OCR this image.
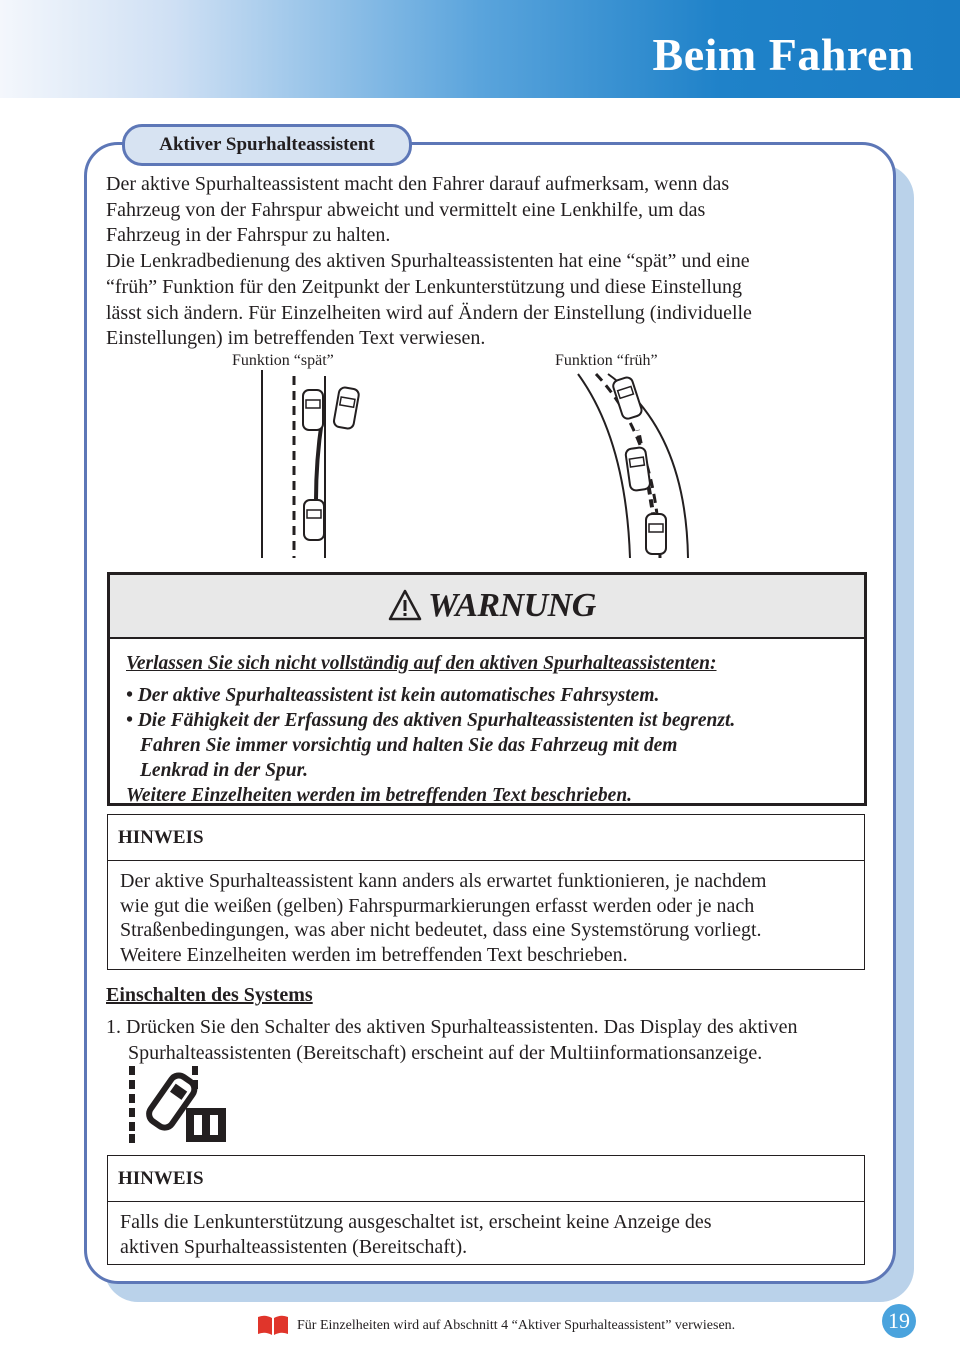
Beim Fahren
Aktiver Spurhalteassistent

Der aktive Spurhalteassistent macht den Fahrer darauf aufmerksam, wenn das

Fahrzeug von der Fahrspur abweicht und vermittelt eine Lenkhilfe, um das

Fahrzeug in der Fahrspur zu halten.

Die Lenkradbedienung des aktiven Spurhalteassistenten hat eine “spät” und eine

“früh” Funktion für den Zeitpunkt der Lenkunterstützung und diese Einstellung

lässt sich ändern. Für Einzelheiten wird auf Ändern der Einstellung (individuelle

Einstellungen) im betreffenden Text verwiesen.

Funktion “spät”	Funktion “früh”
WARNUNG
Verlassen Sie sich nicht vollständig auf den aktiven Spurhalteassistenten:
• Der aktive Spurhalteassistent ist kein automatisches Fahrsystem.
• Die Fähigkeit der Erfassung des aktiven Spurhalteassistenten ist begrenzt.
Fahren Sie immer vorsichtig und halten Sie das Fahrzeug mit dem
Lenkrad in der Spur.
Weitere Einzelheiten werden im betreffenden Text beschrieben.
HINWEIS
Der aktive Spurhalteassistent kann anders als erwartet funktionieren, je nachdem
wie gut die weißen (gelben) Fahrspurmarkierungen erfasst werden oder je nach
Straßenbedingungen, was aber nicht bedeutet, dass eine Systemstörung vorliegt.
Weitere Einzelheiten werden im betreffenden Text beschrieben.
Einschalten des Systems
1. Drücken Sie den Schalter des aktiven Spurhalteassistenten. Das Display des aktiven
Spurhalteassistenten (Bereitschaft) erscheint auf der Multiinformationsanzeige.
HINWEIS
Falls die Lenkunterstützung ausgeschaltet ist, erscheint keine Anzeige des
aktiven Spurhalteassistenten (Bereitschaft).
Für Einzelheiten wird auf Abschnitt 4 “Aktiver Spurhalteassistent” verwiesen.	19
